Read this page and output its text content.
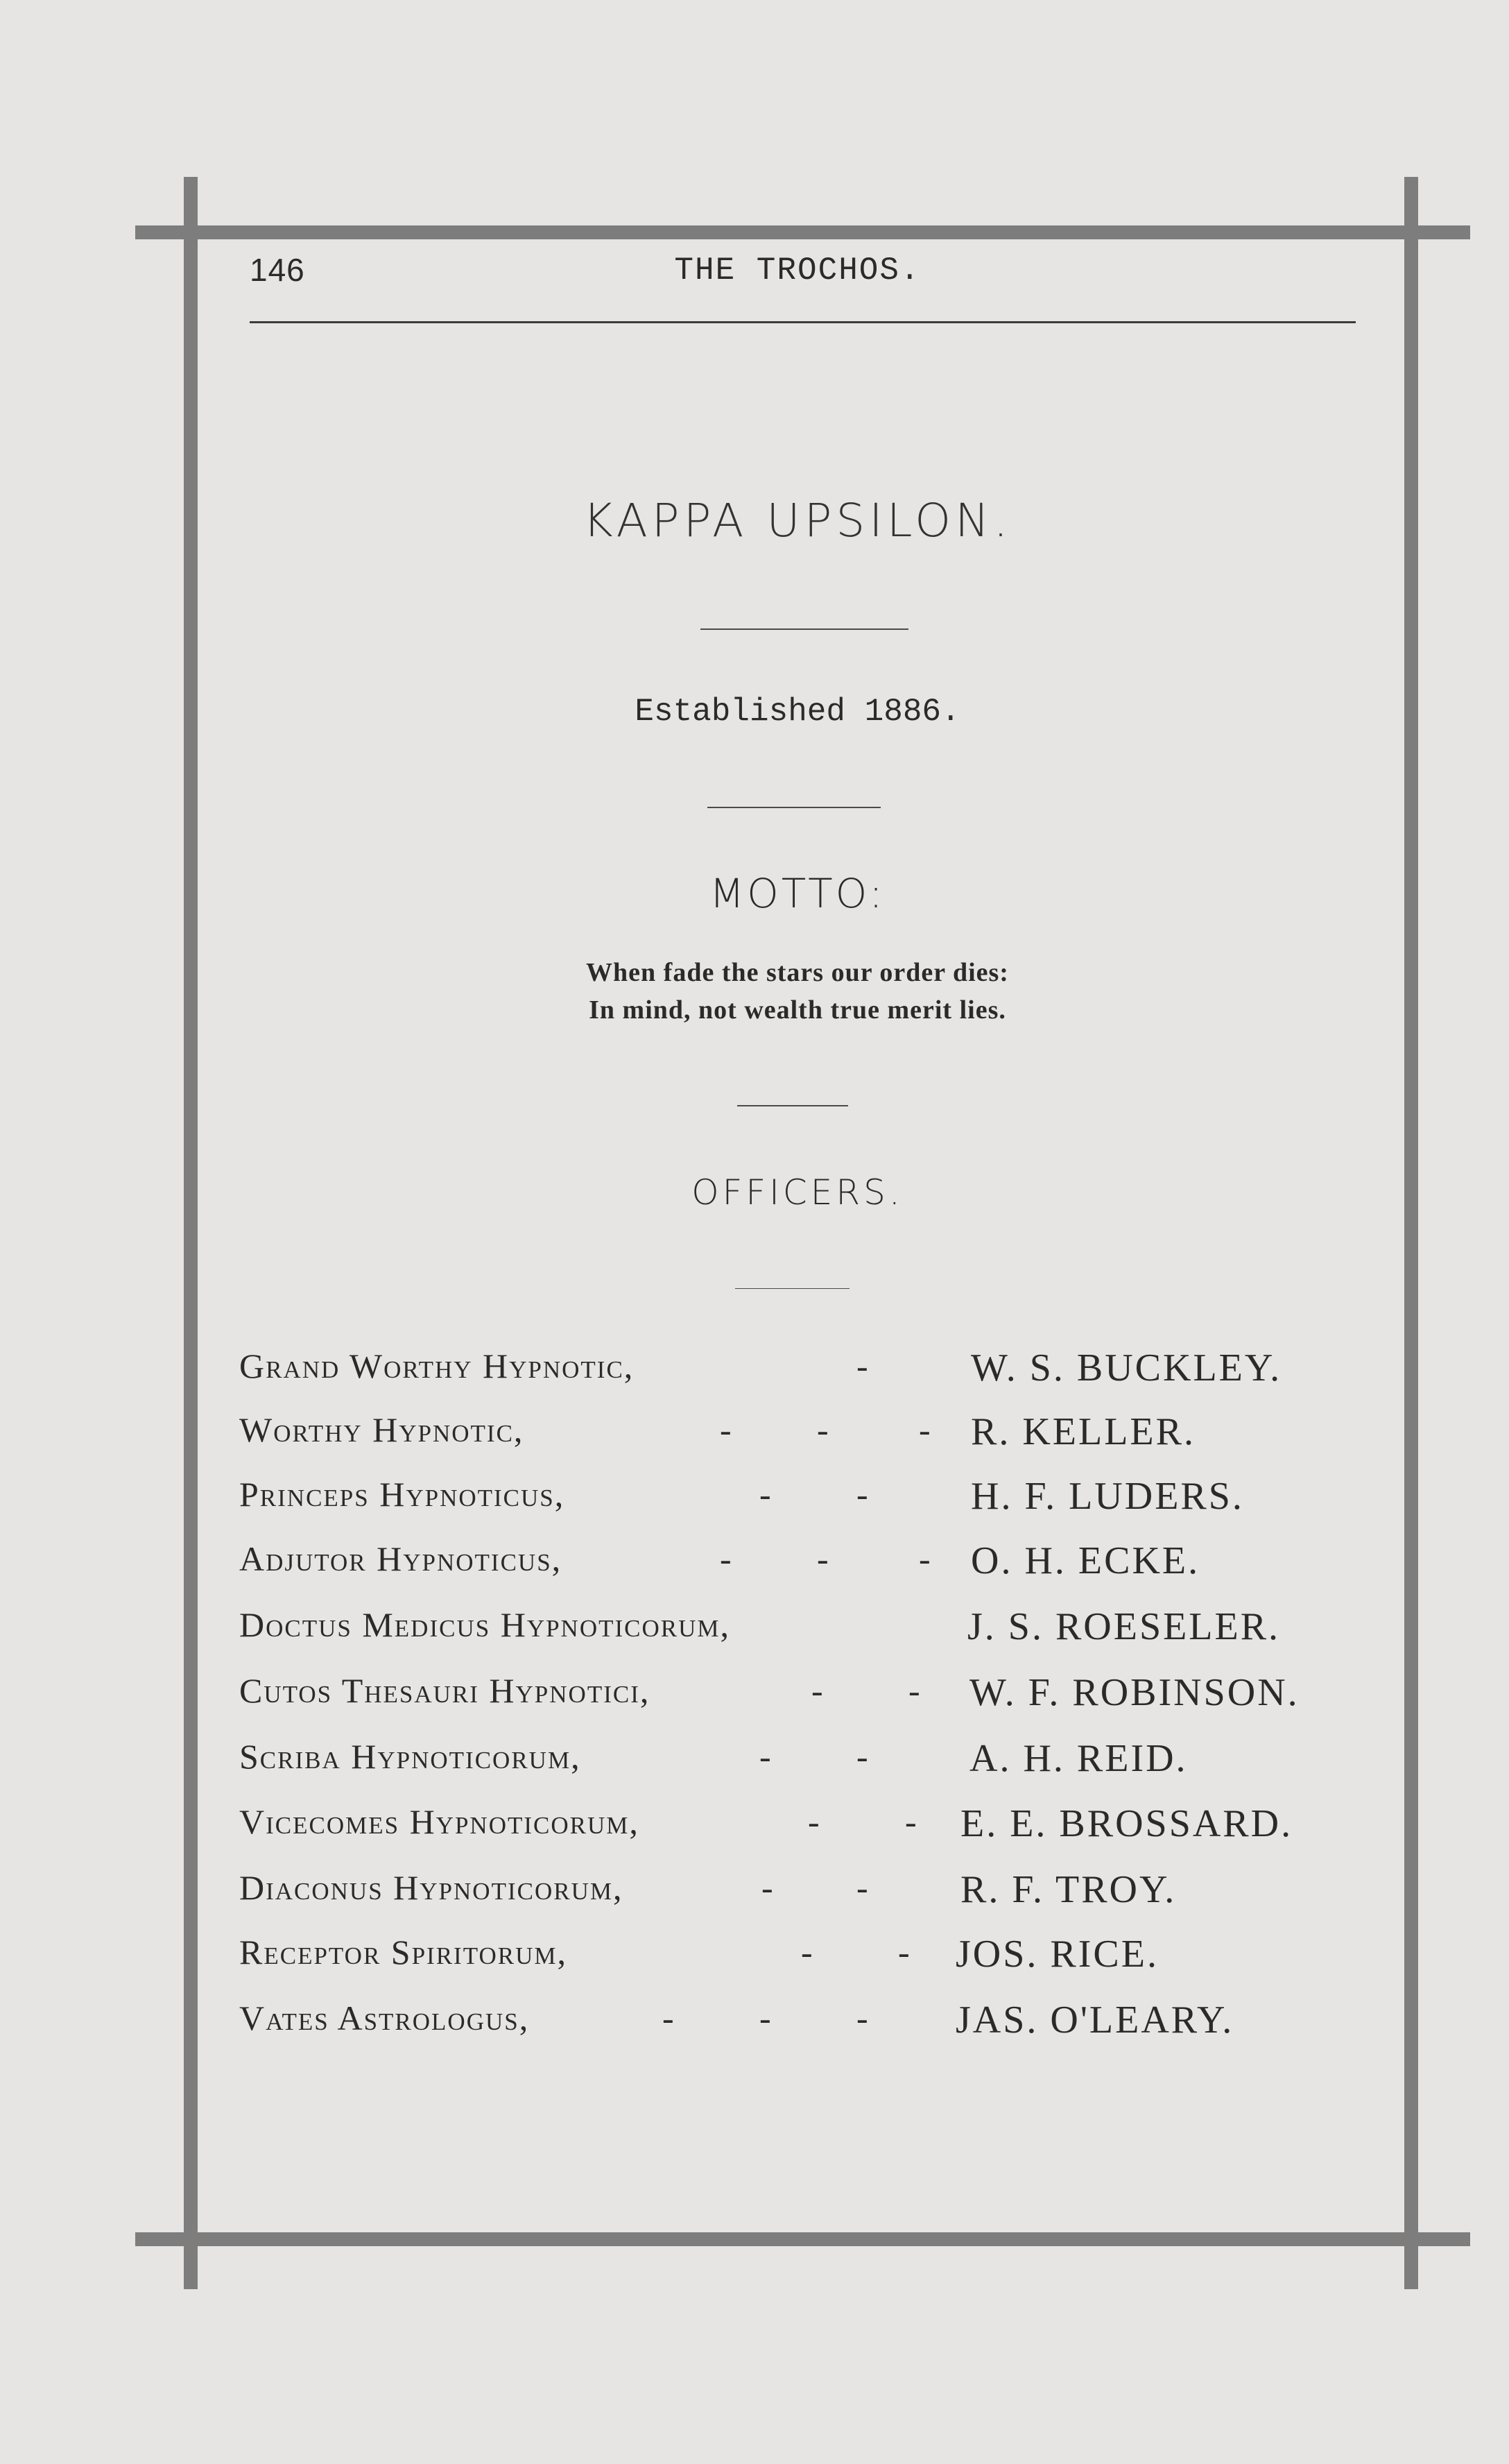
146	THE TROCHOS.
KAPPA UPSILON.
Established 1886.
MOTTO:
When fade the stars our order dies:
In mind, not wealth true merit lies.
OFFICERS.
Grand Worthy Hypnotic,	-	W. S. BUCKLEY.
Worthy Hypnotic,	- -	- R. KELLER.
Princeps Hypnoticus,	- -	H. F. LUDERS.
Adjutor Hypnoticus,	- -	- O. H. ECKE.
Doctus Medicus Hypnoticorum,	J. S. ROESELER.
Cutos Thesauri Hypnotici,	- - W. F. ROBINSON.
Scriba Hypnoticorum,	- -	A. H. REID.
Vicecomes Hypnoticorum,	- - E. E. BROSSARD.
Diaconus Hypnoticorum,	- - R. F. TROY.
Receptor Spiritorum,	- - JOS. RICE.
Vates Astrologus,	- - - JAS. O'LEARY.
